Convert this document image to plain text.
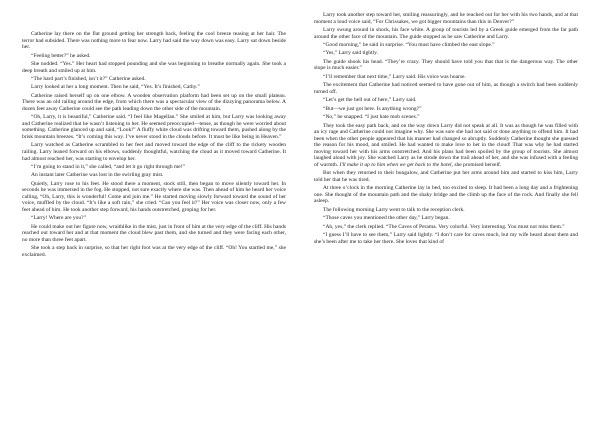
Catherine lay there on the flat ground getting her strength back, feeling the cool breeze teasing at her hair. The terror had subsided. There was nothing more to fear now. Larry had said the way down was easy. Larry sat down beside her.

“Feeling better?” he asked.

She nodded. “Yes.” Her heart had stopped pounding and she was beginning to breathe normally again. She took a deep breath and smiled up at him.

“The hard part’s finished, isn’t it?” Catherine asked.

Larry looked at her a long moment. Then he said, “Yes. It’s finished, Cathy.”

Catherine raised herself up on one elbow. A wooden observation platform had been set up on the small plateau. There was an old railing around the edge, from which there was a spectacular view of the dizzying panorama below. A dozen feet away Catherine could see the path leading down the other side of the mountain.

“Oh, Larry, it is beautiful,” Catherine said. “I feel like Magellan.” She smiled at him, but Larry was looking away and Catherine realized that he wasn’t listening to her. He seemed preoccupied—tense, as though he were worried about something. Catherine glanced up and said, “Look!” A fluffy white cloud was drifting toward them, pushed along by the brisk mountain breezes. “It’s coming this way. I’ve never stood in the clouds before. It must be like being in Heaven.”

Larry watched as Catherine scrambled to her feet and moved toward the edge of the cliff to the rickety wooden railing. Larry leaned forward on his elbows, suddenly thoughtful, watching the cloud as it moved toward Catherine. It had almost reached her, was starting to envelop her.

“I’m going to stand in it,” she called, “and let it go right through me!”

An instant later Catherine was lost in the swirling gray mist.

Quietly, Larry rose to his feet. He stood there a moment, stock still, then began to move silently toward her. In seconds he was immersed in the fog. He stopped, not sure exactly where she was. Then ahead of him he heard her voice calling, “Oh, Larry, this is wonderful! Come and join me.” He started moving slowly forward toward the sound of her voice, muffled by the cloud. “It’s like a soft rain,” she cried. “Can you feel it?” Her voice was closer now, only a few feet ahead of him. He took another step forward, his hands outstretched, groping for her.

“Larry! Where are you?”

He could make out her figure now, wraithlike in the mist, just in front of him at the very edge of the cliff. His hands reached out toward her and at that moment the cloud blew past them, and she turned and they were facing each other, no more than three feet apart.

She took a step back in surprise, so that her right foot was at the very edge of the cliff. “Oh! You startled me,” she exclaimed.

Larry took another step toward her, smiling reassuringly, and he reached out for her with his two hands, and at that moment a loud voice said, “For Chrissakes, we got bigger mountains than this in Denver?”

Larry swung around in shock, his face white. A group of tourists led by a Greek guide emerged from the far path around the other face of the mountain. The guide stopped as he saw Catherine and Larry.

“Good morning,” he said in surprise. “You must have climbed the east slope.”

“Yes,” Larry said tightly.

The guide shook his head. “They’re crazy. They should have told you that that is the dangerous way. The other slope is much easier.”

“I’ll remember that next time,” Larry said. His voice was hoarse.

The excitement that Catherine had noticed seemed to have gone out of him, as though a switch had been suddenly turned off.

“Let’s get the hell out of here,” Larry said.

“But—we just got here. Is anything wrong?”

“No,” he snapped. “I just hate mob scenes.”

They took the easy path back, and on the way down Larry did not speak at all. It was as though he was filled with an icy rage and Catherine could not imagine why. She was sure she had not said or done anything to offend him. It had been when the other people appeared that his manner had changed so abruptly. Suddenly Catherine thought she guessed the reason for his mood, and smiled. He had wanted to make love to her in the cloud! That was why he had started moving toward her with his arms outstretched. And his plans had been spoiled by the group of tourists. She almost laughed aloud with joy. She watched Larry as he strode down the trail ahead of her, and she was infused with a feeling of warmth. I'll make it up to him when we get back to the hotel, she promised herself.

But when they returned to their bungalow, and Catherine put her arms around him and started to kiss him, Larry told her that he was tired.

At three o’clock in the morning Catherine lay in bed, too excited to sleep. It had been a long day and a frightening one. She thought of the mountain path and the shaky bridge and the climb up the face of the rock. And finally she fell asleep.

The following morning Larry went to talk to the reception clerk.

“Those caves you mentioned the other day,” Larry began.

“Ah, yes,” the clerk replied. “The Caves of Perama. Very colorful. Very interesting. You must not miss them.”

“I guess I’ll have to see them,” Larry said lightly. “I don’t care for caves much, but my wife heard about them and she’s been after me to take her there. She loves that kind of
